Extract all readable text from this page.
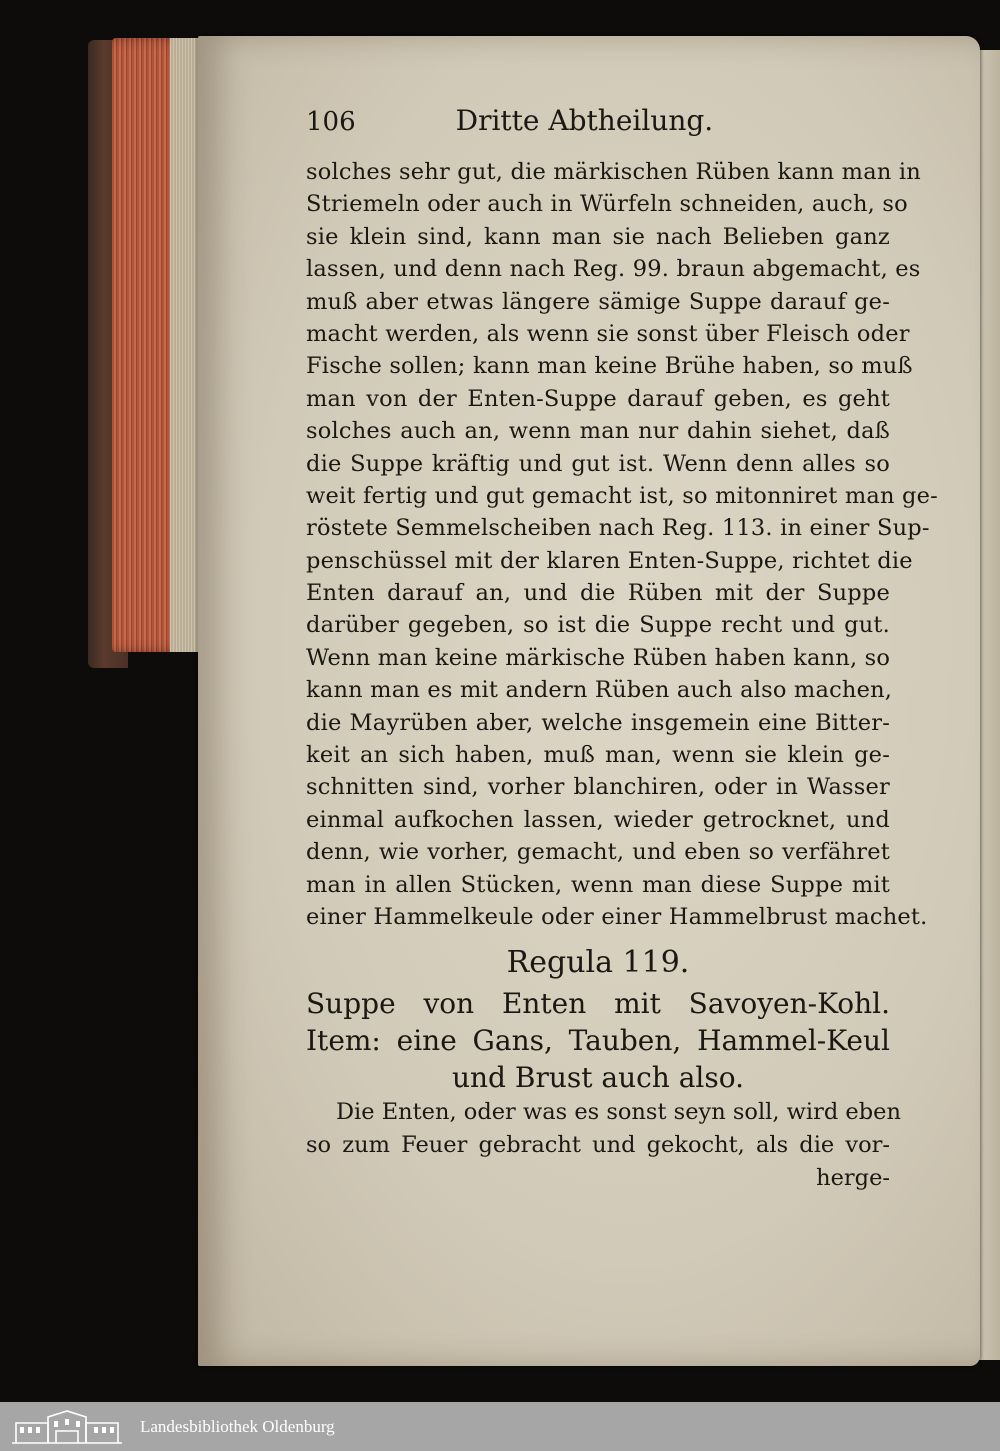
106	Dritte Abtheilung.
solches sehr gut, die märkischen Rüben kann man in
Striemeln oder auch in Würfeln schneiden, auch, so
sie klein sind, kann man sie nach Belieben ganz
lassen, und denn nach Reg. 99. braun abgemacht, es
muß aber etwas längere sämige Suppe darauf ge-
macht werden, als wenn sie sonst über Fleisch oder
Fische sollen; kann man keine Brühe haben, so muß
man von der Enten-Suppe darauf geben, es geht
solches auch an, wenn man nur dahin siehet, daß
die Suppe kräftig und gut ist. Wenn denn alles so
weit fertig und gut gemacht ist, so mitonniret man ge-
röstete Semmelscheiben nach Reg. 113. in einer Sup-
penschüssel mit der klaren Enten-Suppe, richtet die
Enten darauf an, und die Rüben mit der Suppe
darüber gegeben, so ist die Suppe recht und gut.
Wenn man keine märkische Rüben haben kann, so
kann man es mit andern Rüben auch also machen,
die Mayrüben aber, welche insgemein eine Bitter-
keit an sich haben, muß man, wenn sie klein ge-
schnitten sind, vorher blanchiren, oder in Wasser
einmal aufkochen lassen, wieder getrocknet, und
denn, wie vorher, gemacht, und eben so verfähret
man in allen Stücken, wenn man diese Suppe mit
einer Hammelkeule oder einer Hammelbrust machet.
Regula 119.
Suppe von Enten mit Savoyen-Kohl.
Item: eine Gans, Tauben, Hammel-Keul
und Brust auch also.
Die Enten, oder was es sonst seyn soll, wird eben
so zum Feuer gebracht und gekocht, als die vor-
herge-
Landesbibliothek Oldenburg
